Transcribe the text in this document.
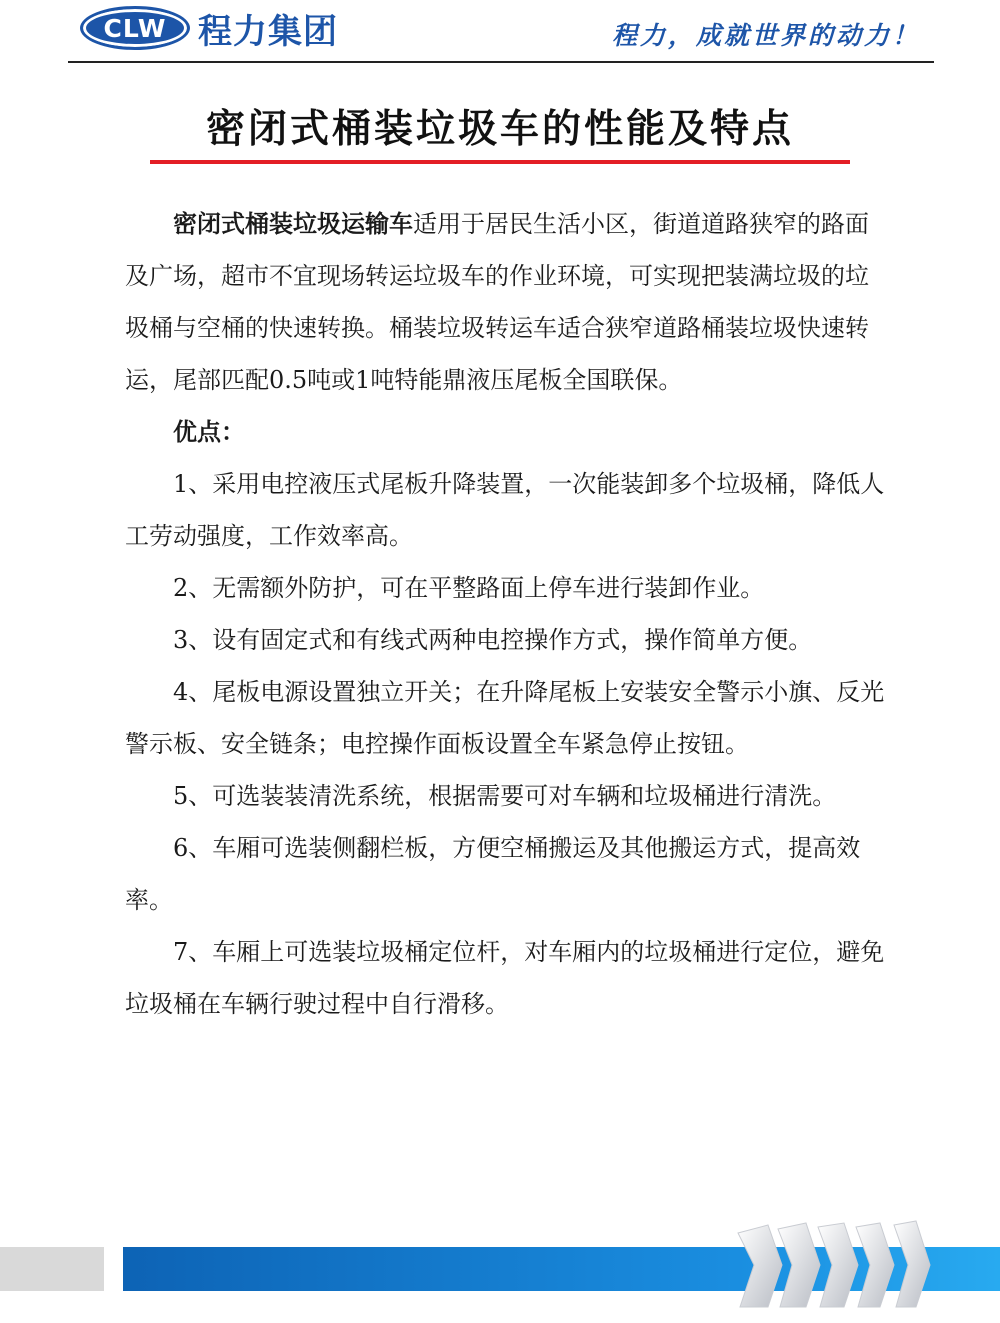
CLW 程力集团	程力，成就世界的动力！
密闭式桶装垃圾车的性能及特点

密闭式桶装垃圾运输车适用于居民生活小区，街道道路狭窄的路面及广场，超市不宜现场转运垃圾车的作业环境，可实现把装满垃圾的垃圾桶与空桶的快速转换。桶装垃圾转运车适合狭窄道路桶装垃圾快速转运，尾部匹配0.5吨或1吨特能鼎液压尾板全国联保。

优点：

1、采用电控液压式尾板升降装置，一次能装卸多个垃圾桶，降低人工劳动强度，工作效率高。

2、无需额外防护，可在平整路面上停车进行装卸作业。

3、设有固定式和有线式两种电控操作方式，操作简单方便。

4、尾板电源设置独立开关；在升降尾板上安装安全警示小旗、反光警示板、安全链条；电控操作面板设置全车紧急停止按钮。

5、可选装装清洗系统，根据需要可对车辆和垃圾桶进行清洗。

6、车厢可选装侧翻栏板，方便空桶搬运及其他搬运方式，提高效率。

7、车厢上可选装垃圾桶定位杆，对车厢内的垃圾桶进行定位，避免垃圾桶在车辆行驶过程中自行滑移。
